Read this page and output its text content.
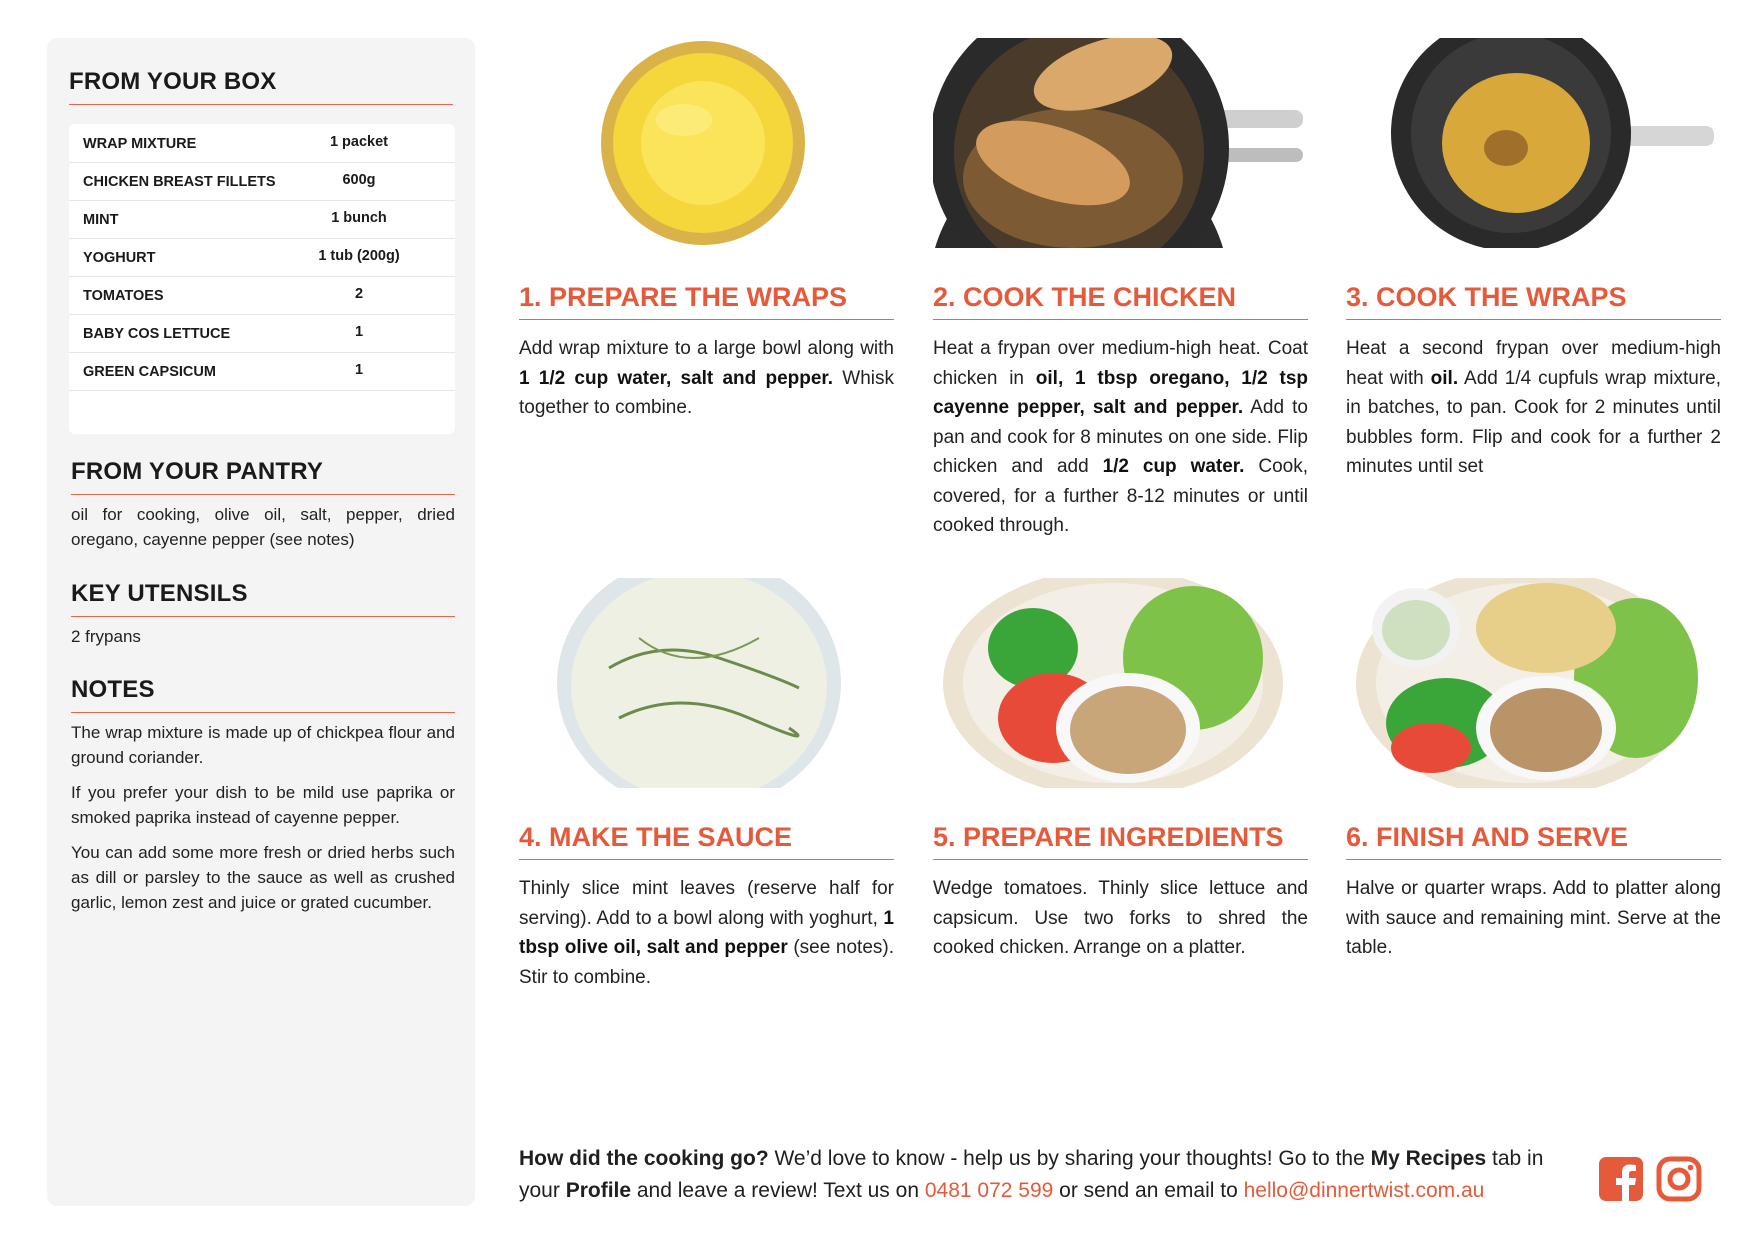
FROM YOUR BOX
WRAP MIXTURE	1 packet
CHICKEN BREAST FILLETS	600g
MINT	1 bunch
YOGHURT	1 tub (200g)
TOMATOES	2
BABY COS LETTUCE	1
GREEN CAPSICUM	1
FROM YOUR PANTRY
oil for cooking, olive oil, salt, pepper, dried oregano, cayenne pepper (see notes)
KEY UTENSILS
2 frypans
NOTES

The wrap mixture is made up of chickpea flour and ground coriander.

If you prefer your dish to be mild use paprika or smoked paprika instead of cayenne pepper.

You can add some more fresh or dried herbs such as dill or parsley to the sauce as well as crushed garlic, lemon zest and juice or grated cucumber.

1. PREPARE THE WRAPS
Add wrap mixture to a large bowl along with 1 1/2 cup water, salt and pepper. Whisk together to combine.
2. COOK THE CHICKEN
Heat a frypan over medium-high heat. Coat chicken in oil, 1 tbsp oregano, 1/2 tsp cayenne pepper, salt and pepper. Add to pan and cook for 8 minutes on one side. Flip chicken and add 1/2 cup water. Cook, covered, for a further 8-12 minutes or until cooked through.
3. COOK THE WRAPS
Heat a second frypan over medium-high heat with oil. Add 1/4 cupfuls wrap mixture, in batches, to pan. Cook for 2 minutes until bubbles form. Flip and cook for a further 2 minutes until set
4. MAKE THE SAUCE
Thinly slice mint leaves (reserve half for serving). Add to a bowl along with yoghurt, 1 tbsp olive oil, salt and pepper (see notes). Stir to combine.
5. PREPARE INGREDIENTS
Wedge tomatoes. Thinly slice lettuce and capsicum. Use two forks to shred the cooked chicken. Arrange on a platter.
6. FINISH AND SERVE
Halve or quarter wraps. Add to platter along with sauce and remaining mint. Serve at the table.
How did the cooking go? We’d love to know - help us by sharing your thoughts! Go to the My Recipes tab in your Profile and leave a review! Text us on 0481 072 599 or send an email to hello@dinnertwist.com.au
